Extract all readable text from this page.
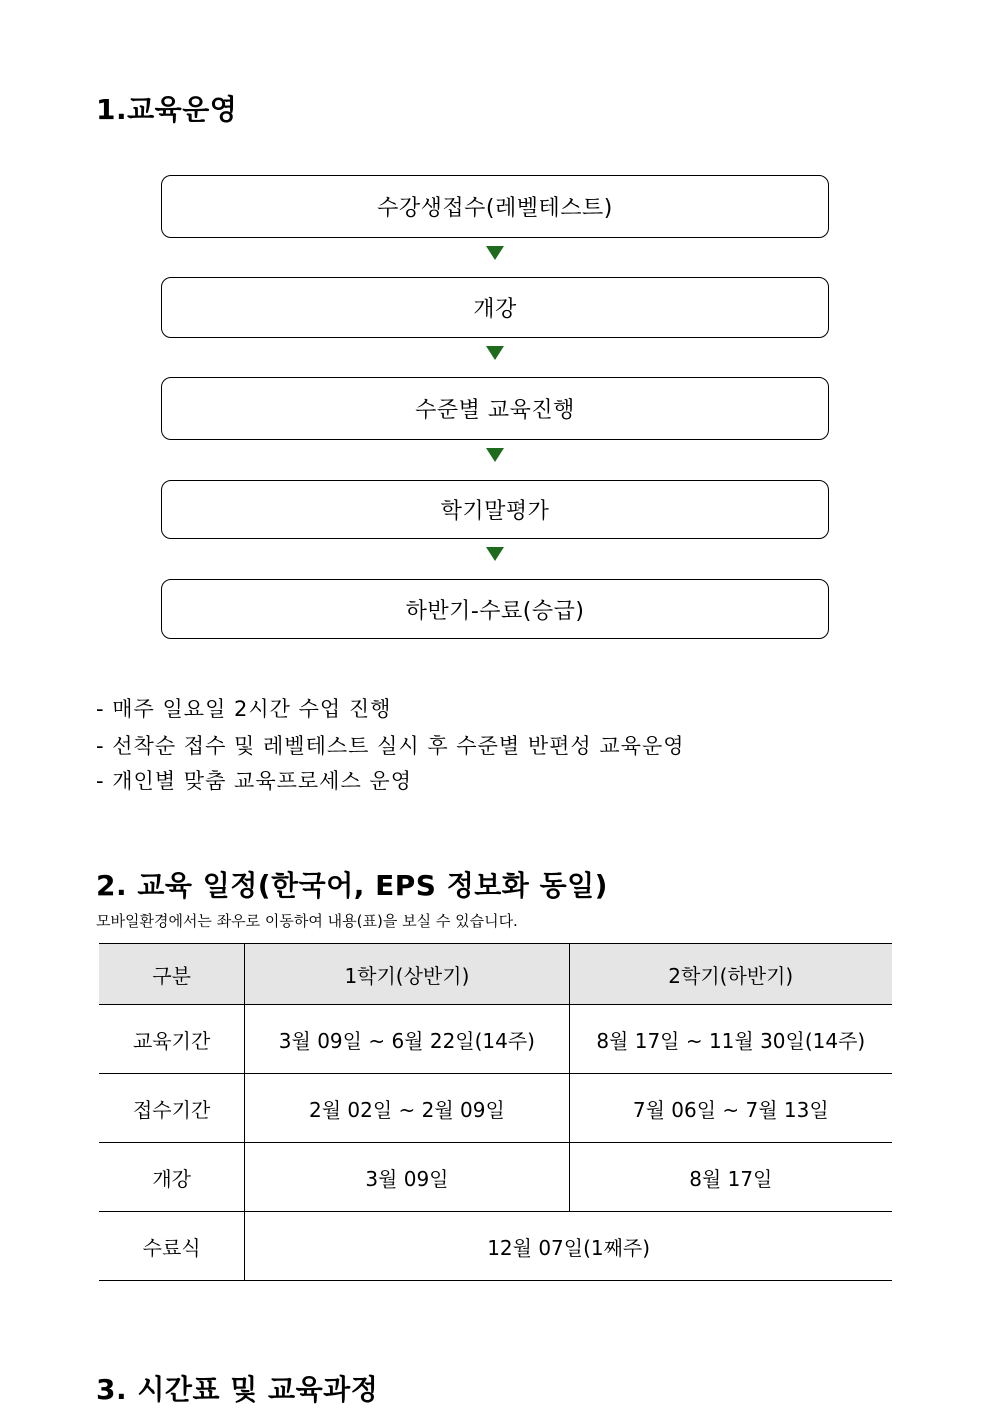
1.교육운영
수강생접수(레벨테스트)
개강
수준별 교육진행
학기말평가
하반기-수료(승급)
- 매주 일요일 2시간 수업 진행
- 선착순 접수 및 레벨테스트 실시 후 수준별 반편성 교육운영
- 개인별 맞춤 교육프로세스 운영
2. 교육 일정(한국어, EPS 정보화 동일)
모바일환경에서는 좌우로 이동하여 내용(표)을 보실 수 있습니다.
구분	1학기(상반기)	2학기(하반기)
교육기간	3월 09일 ~ 6월 22일(14주)	8월 17일 ~ 11월 30일(14주)
접수기간	2월 02일 ~ 2월 09일	7월 06일 ~ 7월 13일
개강	3월 09일	8월 17일
수료식	12월 07일(1째주)	
3. 시간표 및 교육과정
